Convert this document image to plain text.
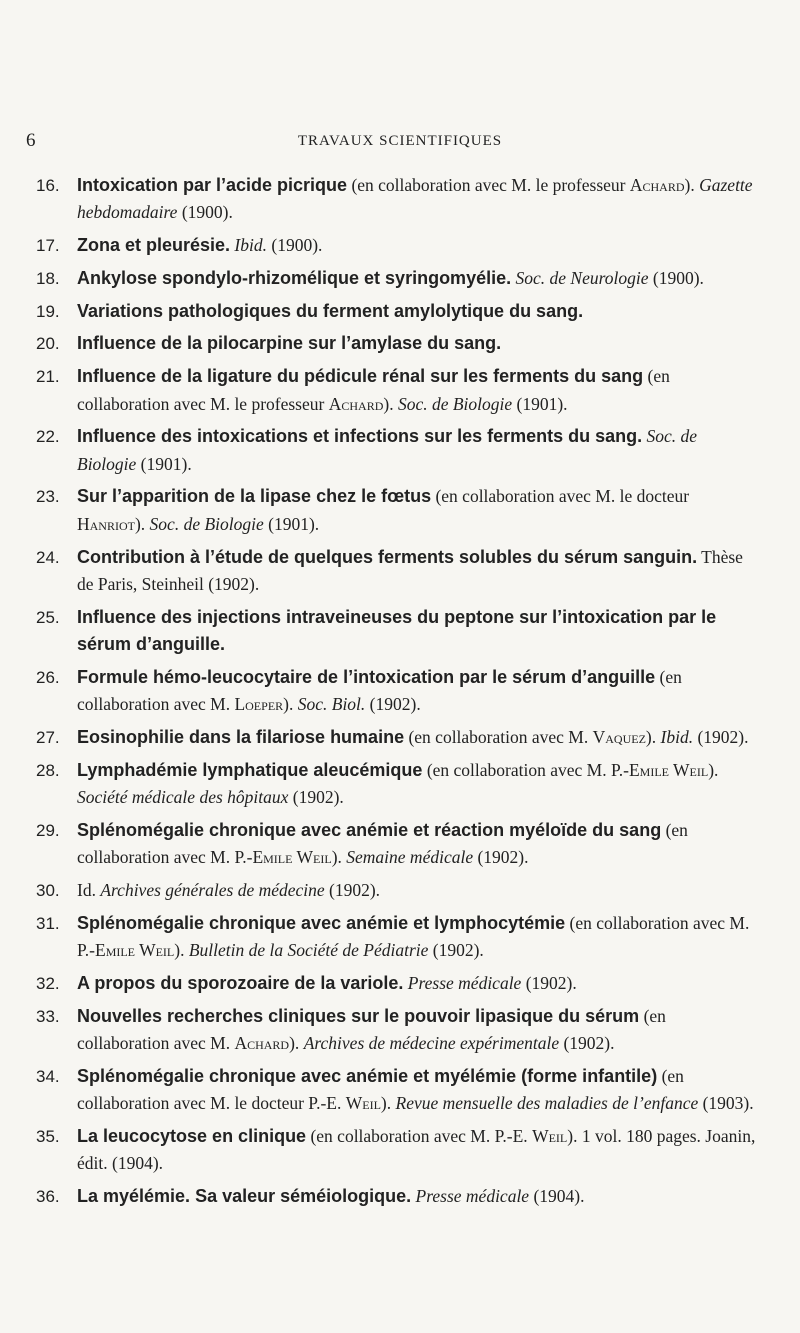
6	TRAVAUX SCIENTIFIQUES
16. Intoxication par l’acide picrique (en collaboration avec M. le professeur Achard). Gazette hebdomadaire (1900).
17. Zona et pleurésie. Ibid. (1900).
18. Ankylose spondylo-rhizomélique et syringomyélie. Soc. de Neurologie (1900).
19. Variations pathologiques du ferment amylolytique du sang.
20. Influence de la pilocarpine sur l’amylase du sang.
21. Influence de la ligature du pédicule rénal sur les ferments du sang (en collaboration avec M. le professeur Achard). Soc. de Biologie (1901).
22. Influence des intoxications et infections sur les ferments du sang. Soc. de Biologie (1901).
23. Sur l’apparition de la lipase chez le fœtus (en collaboration avec M. le docteur Hanriot). Soc. de Biologie (1901).
24. Contribution à l’étude de quelques ferments solubles du sérum sanguin. Thèse de Paris, Steinheil (1902).
25. Influence des injections intraveineuses du peptone sur l’intoxication par le sérum d’anguille.
26. Formule hémo-leucocytaire de l’intoxication par le sérum d’anguille (en collaboration avec M. Loeper). Soc. Biol. (1902).
27. Eosinophilie dans la filariose humaine (en collaboration avec M. Vaquez). Ibid. (1902).
28. Lymphadémie lymphatique aleucémique (en collaboration avec M. P.-Emile Weil). Société médicale des hôpitaux (1902).
29. Splénomégalie chronique avec anémie et réaction myéloïde du sang (en collaboration avec M. P.-Emile Weil). Semaine médicale (1902).
30. Id. Archives générales de médecine (1902).
31. Splénomégalie chronique avec anémie et lymphocytémie (en collaboration avec M. P.-Emile Weil). Bulletin de la Société de Pédiatrie (1902).
32. A propos du sporozoaire de la variole. Presse médicale (1902).
33. Nouvelles recherches cliniques sur le pouvoir lipasique du sérum (en collaboration avec M. Achard). Archives de médecine expérimentale (1902).
34. Splénomégalie chronique avec anémie et myélémie (forme infantile) (en collaboration avec M. le docteur P.-E. Weil). Revue mensuelle des maladies de l’enfance (1903).
35. La leucocytose en clinique (en collaboration avec M. P.-E. Weil). 1 vol. 180 pages. Joanin, édit. (1904).
36. La myélémie. Sa valeur séméiologique. Presse médicale (1904).
